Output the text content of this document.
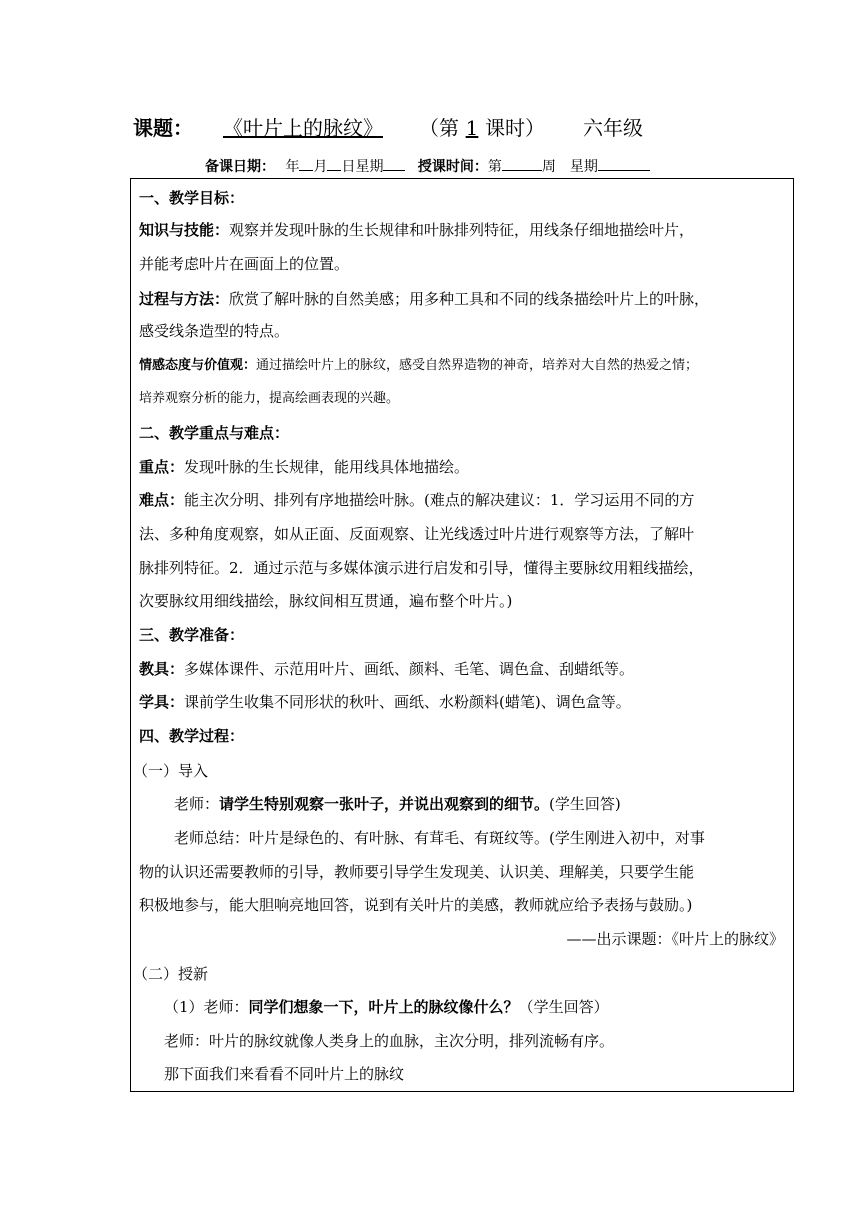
课题： 《叶片上的脉纹》 （第 1 课时） 六年级
备课日期： 年 月 日星期 授课时间：第	周 星期
一、教学目标：
知识与技能：观察并发现叶脉的生长规律和叶脉排列特征，用线条仔细地描绘叶片，
并能考虑叶片在画面上的位置。
过程与方法：欣赏了解叶脉的自然美感；用多种工具和不同的线条描绘叶片上的叶脉，
感受线条造型的特点。
情感态度与价值观：通过描绘叶片上的脉纹，感受自然界造物的神奇，培养对大自然的热爱之情；
培养观察分析的能力，提高绘画表现的兴趣。
二、教学重点与难点：
重点：发现叶脉的生长规律，能用线具体地描绘。
难点：能主次分明、排列有序地描绘叶脉。(难点的解决建议：1．学习运用不同的方
法、多种角度观察，如从正面、反面观察、让光线透过叶片进行观察等方法，了解叶
脉排列特征。2．通过示范与多媒体演示进行启发和引导，懂得主要脉纹用粗线描绘，
次要脉纹用细线描绘，脉纹间相互贯通，遍布整个叶片。)
三、教学准备：
教具：多媒体课件、示范用叶片、画纸、颜料、毛笔、调色盒、刮蜡纸等。
学具：课前学生收集不同形状的秋叶、画纸、水粉颜料(蜡笔)、调色盒等。
四、教学过程：
（一）导入
老师：请学生特别观察一张叶子，并说出观察到的细节。(学生回答)
老师总结：叶片是绿色的、有叶脉、有茸毛、有斑纹等。(学生刚进入初中，对事
物的认识还需要教师的引导，教师要引导学生发现美、认识美、理解美，只要学生能
积极地参与，能大胆响亮地回答，说到有关叶片的美感，教师就应给予表扬与鼓励。)
——出示课题：《叶片上的脉纹》
（二）授新
（1）老师：同学们想象一下，叶片上的脉纹像什么？（学生回答）
老师：叶片的脉纹就像人类身上的血脉，主次分明，排列流畅有序。
那下面我们来看看不同叶片上的脉纹
